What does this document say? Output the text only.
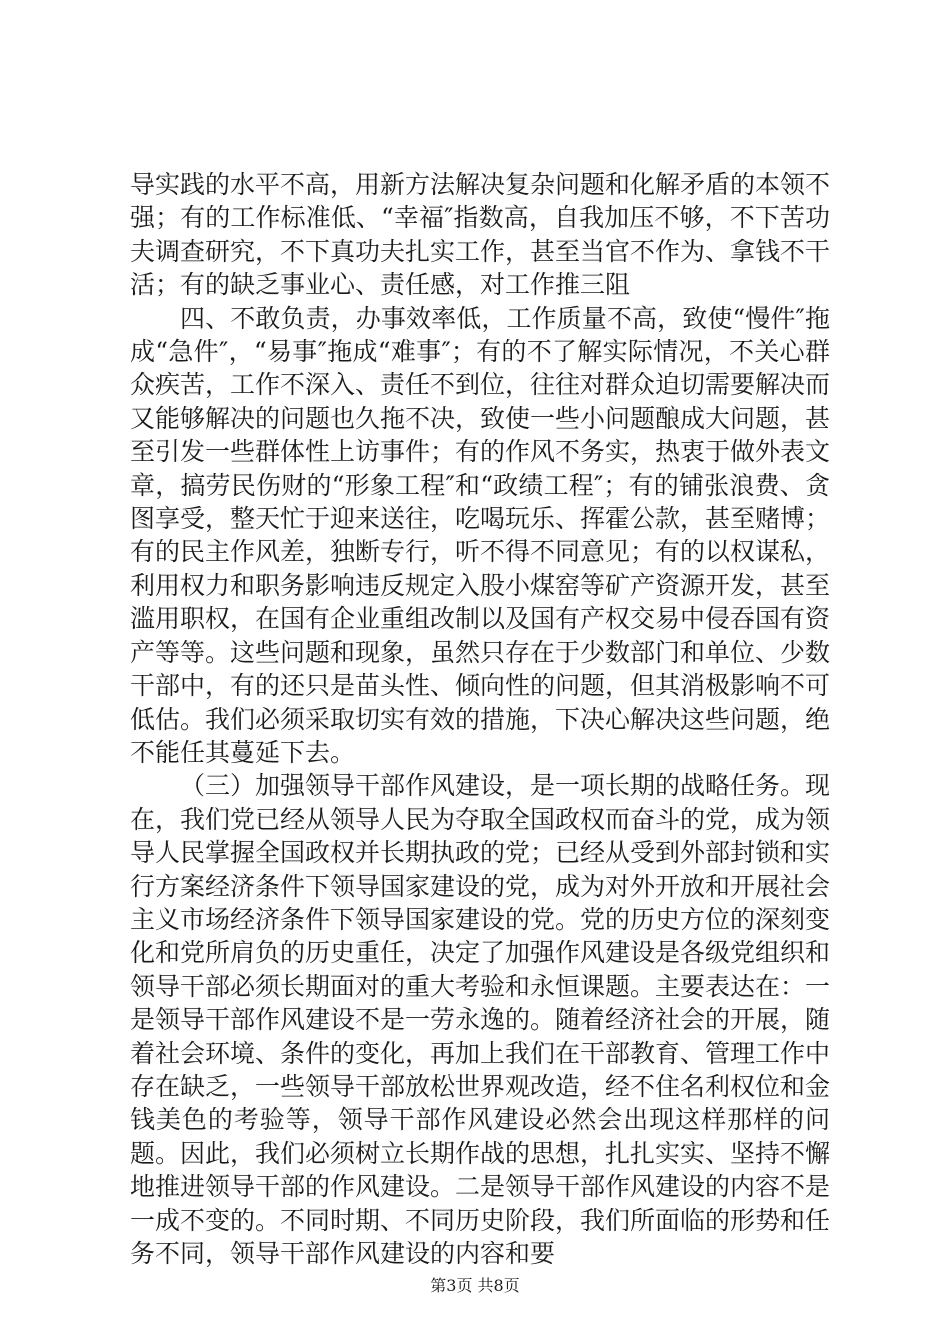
导实践的水平不高，用新方法解决复杂问题和化解矛盾的本领不强；有的工作标准低、“幸福″指数高，自我加压不够，不下苦功夫调查研究，不下真功夫扎实工作，甚至当官不作为、拿钱不干活；有的缺乏事业心、责任感，对工作推三阻

四、不敢负责，办事效率低，工作质量不高，致使“慢件″拖成“急件″，“易事″拖成“难事″；有的不了解实际情况，不关心群众疾苦，工作不深入、责任不到位，往往对群众迫切需要解决而又能够解决的问题也久拖不决，致使一些小问题酿成大问题，甚至引发一些群体性上访事件；有的作风不务实，热衷于做外表文章，搞劳民伤财的“形象工程″和“政绩工程″；有的铺张浪费、贪图享受，整天忙于迎来送往，吃喝玩乐、挥霍公款，甚至赌博；有的民主作风差，独断专行，听不得不同意见；有的以权谋私，利用权力和职务影响违反规定入股小煤窑等矿产资源开发，甚至滥用职权，在国有企业重组改制以及国有产权交易中侵吞国有资产等等。这些问题和现象，虽然只存在于少数部门和单位、少数干部中，有的还只是苗头性、倾向性的问题，但其消极影响不可低估。我们必须采取切实有效的措施，下决心解决这些问题，绝不能任其蔓延下去。

（三）加强领导干部作风建设，是一项长期的战略任务。现在，我们党已经从领导人民为夺取全国政权而奋斗的党，成为领导人民掌握全国政权并长期执政的党；已经从受到外部封锁和实行方案经济条件下领导国家建设的党，成为对外开放和开展社会主义市场经济条件下领导国家建设的党。党的历史方位的深刻变化和党所肩负的历史重任，决定了加强作风建设是各级党组织和领导干部必须长期面对的重大考验和永恒课题。主要表达在：一是领导干部作风建设不是一劳永逸的。随着经济社会的开展，随着社会环境、条件的变化，再加上我们在干部教育、管理工作中存在缺乏，一些领导干部放松世界观改造，经不住名利权位和金钱美色的考验等，领导干部作风建设必然会出现这样那样的问题。因此，我们必须树立长期作战的思想，扎扎实实、坚持不懈地推进领导干部的作风建设。二是领导干部作风建设的内容不是一成不变的。不同时期、不同历史阶段，我们所面临的形势和任务不同，领导干部作风建设的内容和要

第3页 共8页
